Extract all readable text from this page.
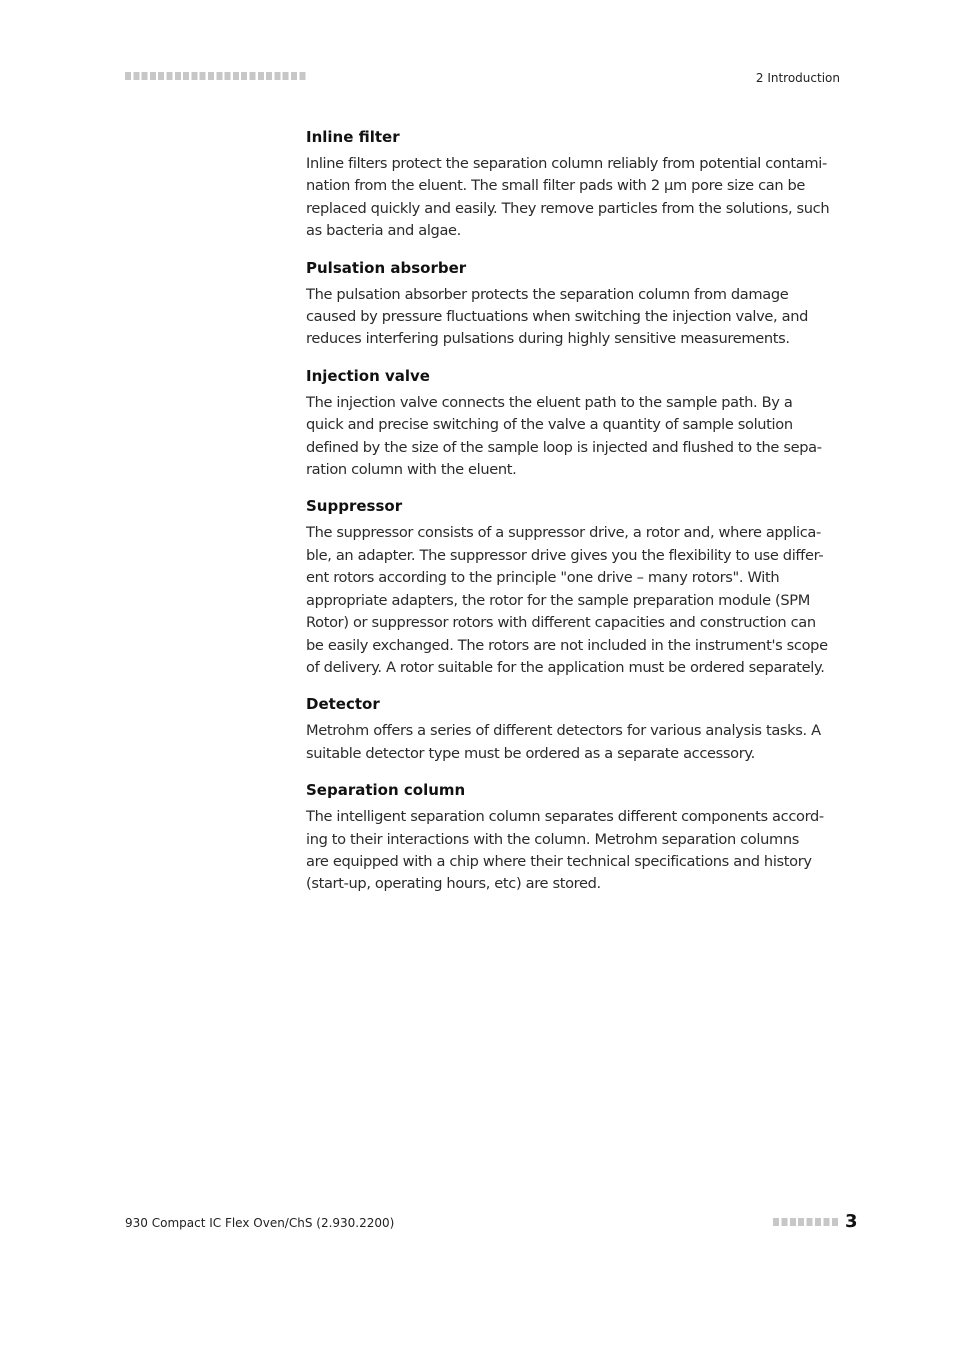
2 Introduction
Inline filter

Inline filters protect the separation column reliably from potential contami-
nation from the eluent. The small filter pads with 2 µm pore size can be
replaced quickly and easily. They remove particles from the solutions, such
as bacteria and algae.

Pulsation absorber

The pulsation absorber protects the separation column from damage
caused by pressure fluctuations when switching the injection valve, and
reduces interfering pulsations during highly sensitive measurements.

Injection valve

The injection valve connects the eluent path to the sample path. By a
quick and precise switching of the valve a quantity of sample solution
defined by the size of the sample loop is injected and flushed to the sepa-
ration column with the eluent.

Suppressor

The suppressor consists of a suppressor drive, a rotor and, where applica-
ble, an adapter. The suppressor drive gives you the flexibility to use differ-
ent rotors according to the principle "one drive – many rotors". With
appropriate adapters, the rotor for the sample preparation module (SPM
Rotor) or suppressor rotors with different capacities and construction can
be easily exchanged. The rotors are not included in the instrument's scope
of delivery. A rotor suitable for the application must be ordered separately.

Detector

Metrohm offers a series of different detectors for various analysis tasks. A
suitable detector type must be ordered as a separate accessory.

Separation column

The intelligent separation column separates different components accord-
ing to their interactions with the column. Metrohm separation columns
are equipped with a chip where their technical specifications and history
(start-up, operating hours, etc) are stored.

930 Compact IC Flex Oven/ChS (2.930.2200)	3
